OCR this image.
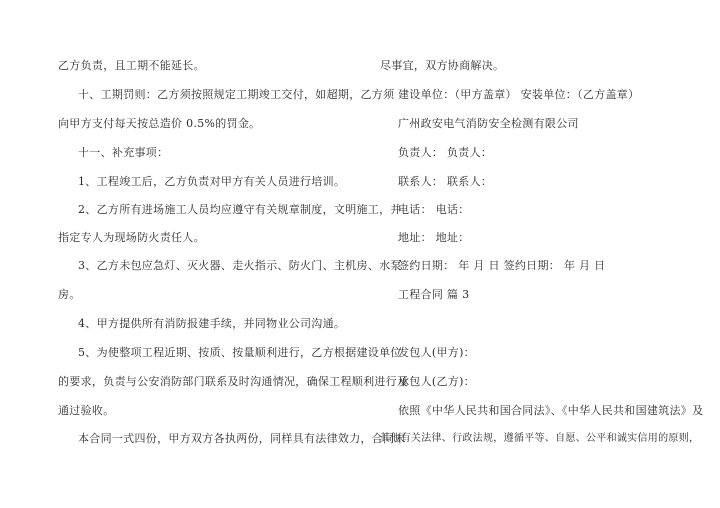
乙方负责，且工期不能延长。
十、工期罚则：乙方须按照规定工期竣工交付，如超期，乙方须
向甲方支付每天按总造价 0.5%的罚金。
十一、补充事项：
1、工程竣工后，乙方负责对甲方有关人员进行培训。
2、乙方所有进场施工人员均应遵守有关规章制度，文明施工，并
指定专人为现场防火责任人。
3、乙方未包应急灯、灭火器、走火指示、防火门、主机房、水泵
房。
4、甲方提供所有消防报建手续，并同物业公司沟通。
5、为使整项工程近期、按质、按量顺利进行，乙方根据建设单位
的要求，负责与公安消防部门联系及时沟通情况，确保工程顺利进行及
通过验收。
本合同一式四份，甲方双方各执两份，同样具有法律效力，合同未
尽事宜，双方协商解决。
建设单位：（甲方盖章） 安装单位：（乙方盖章）
广州政安电气消防安全检测有限公司
负责人： 负责人：
联系人： 联系人：
电话： 电话：
地址： 地址：
签约日期： 年 月 日 签约日期： 年 月 日
工程合同 篇 3
发包人(甲方)：
承包人(乙方)：
依照《中华人民共和国合同法》、《中华人民共和国建筑法》及
其他有关法律、行政法规，遵循平等、自愿、公平和诚实信用的原则，
